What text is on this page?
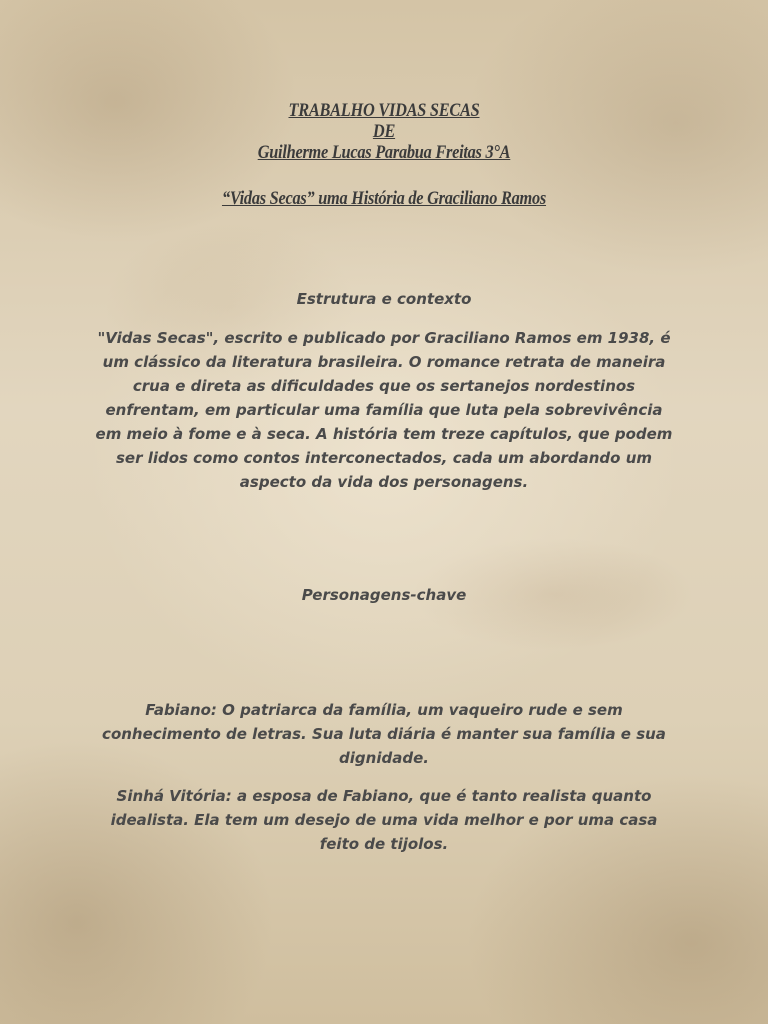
TRABALHO VIDAS SECAS
DE
Guilherme Lucas Parabua Freitas 3°A
“Vidas Secas” uma História de Graciliano Ramos
Estrutura e contexto
"Vidas Secas", escrito e publicado por Graciliano Ramos em 1938, é um clássico da literatura brasileira. O romance retrata de maneira crua e direta as dificuldades que os sertanejos nordestinos enfrentam, em particular uma família que luta pela sobrevivência em meio à fome e à seca. A história tem treze capítulos, que podem ser lidos como contos interconectados, cada um abordando um aspecto da vida dos personagens.
Personagens-chave
Fabiano: O patriarca da família, um vaqueiro rude e sem conhecimento de letras. Sua luta diária é manter sua família e sua dignidade.
Sinhá Vitória: a esposa de Fabiano, que é tanto realista quanto idealista. Ela tem um desejo de uma vida melhor e por uma casa feito de tijolos.
